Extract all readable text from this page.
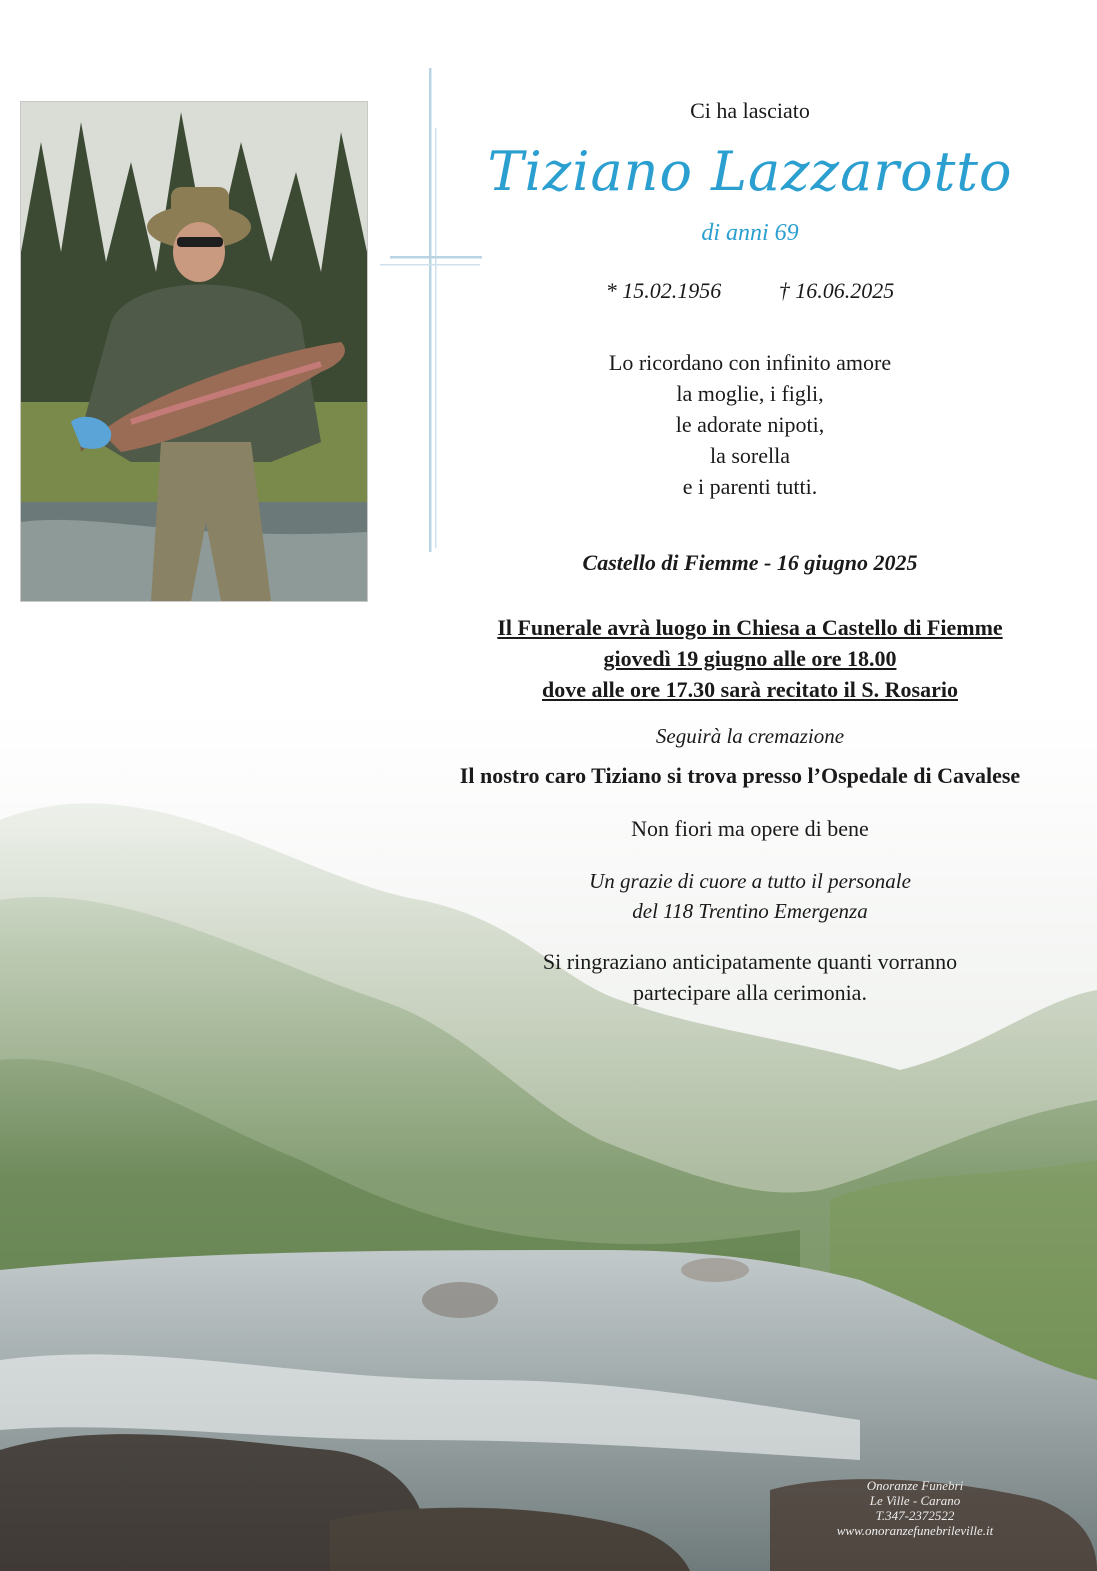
Ci ha lasciato
Tiziano Lazzarotto
di anni 69
* 15.02.1956	† 16.06.2025
Lo ricordano con infinito amore
la moglie, i figli,
le adorate nipoti,
la sorella
e i parenti tutti.
Castello di Fiemme - 16 giugno 2025
Il Funerale avrà luogo in Chiesa a Castello di Fiemme
giovedì 19 giugno alle ore 18.00
dove alle ore 17.30 sarà recitato il S. Rosario
Seguirà la cremazione
Il nostro caro Tiziano si trova presso l’Ospedale di Cavalese
Non fiori ma opere di bene
Un grazie di cuore a tutto il personale
del 118 Trentino Emergenza
Si ringraziano anticipatamente quanti vorranno
partecipare alla cerimonia.
Onoranze Funebri
Le Ville - Carano
T.347-2372522
www.onoranzefunebrileville.it
